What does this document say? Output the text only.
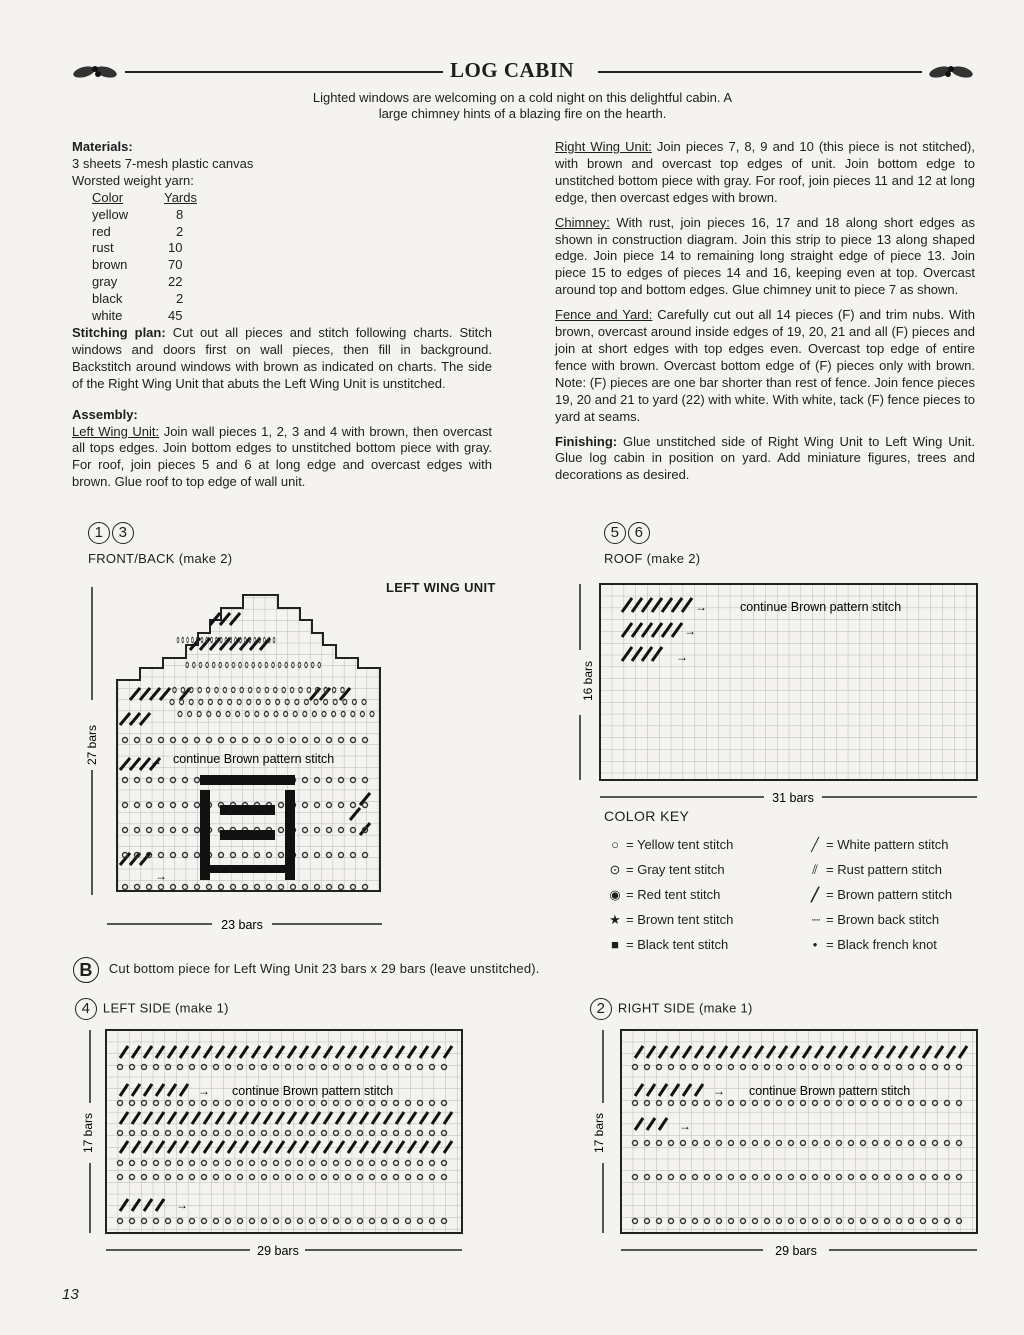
LOG CABIN
Lighted windows are welcoming on a cold night on this delightful cabin. A large chimney hints of a blazing fire on the hearth.
Materials:
3 sheets 7-mesh plastic canvas
Worsted weight yarn:
Color	Yards
yellow	8
red	2
rust	10
brown	70
gray	22
black	2
white	45

Stitching plan: Cut out all pieces and stitch following charts. Stitch windows and doors first on wall pieces, then fill in background. Backstitch around windows with brown as indicated on charts. The side of the Right Wing Unit that abuts the Left Wing Unit is unstitched.

Assembly:

Left Wing Unit: Join wall pieces 1, 2, 3 and 4 with brown, then overcast all tops edges. Join bottom edges to unstitched bottom piece with gray. For roof, join pieces 5 and 6 at long edge and overcast edges with brown. Glue roof to top edge of wall unit.

Right Wing Unit: Join pieces 7, 8, 9 and 10 (this piece is not stitched), with brown and overcast top edges of unit. Join bottom edge to unstitched bottom piece with gray. For roof, join pieces 11 and 12 at long edge, then overcast edges with brown.

Chimney: With rust, join pieces 16, 17 and 18 along short edges as shown in construction diagram. Join this strip to piece 13 along shaped edge. Join piece 14 to remaining long straight edge of piece 13. Join piece 15 to edges of pieces 14 and 16, keeping even at top. Overcast around top and bottom edges. Glue chimney unit to piece 7 as shown.

Fence and Yard: Carefully cut out all 14 pieces (F) and trim nubs. With brown, overcast around inside edges of 19, 20, 21 and all (F) pieces and join at short edges with top edges even. Overcast top edge of entire fence with brown. Overcast bottom edge of (F) pieces only with brown. Note: (F) pieces are one bar shorter than rest of fence. Join fence pieces 19, 20 and 21 to yard (22) with white. With white, tack (F) fence pieces to yard at seams.

Finishing: Glue unstitched side of Right Wing Unit to Left Wing Unit. Glue log cabin in position on yard. Add miniature figures, trees and decorations as desired.

1 3
FRONT/BACK (make 2)
LEFT WING UNIT
27 bars	continue Brown pattern stitch
→
→
23 bars
5 6
ROOF (make 2)
16 bars
→
→
→
continue Brown pattern stitch
31 bars
COLOR KEY
○ = Yellow tent stitch
⊙ = Gray tent stitch
◉ = Red tent stitch
★ = Brown tent stitch
■ = Black tent stitch
╱ = White pattern stitch
⫽ = Rust pattern stitch
╱ = Brown pattern stitch
····· = Brown back stitch
• = Black french knot
B Cut bottom piece for Left Wing Unit 23 bars x 29 bars (leave unstitched).
4 LEFT SIDE (make 1)
17 bars
→
→
continue Brown pattern stitch
29 bars
2 RIGHT SIDE (make 1)
17 bars
→
→
continue Brown pattern stitch
29 bars
13
